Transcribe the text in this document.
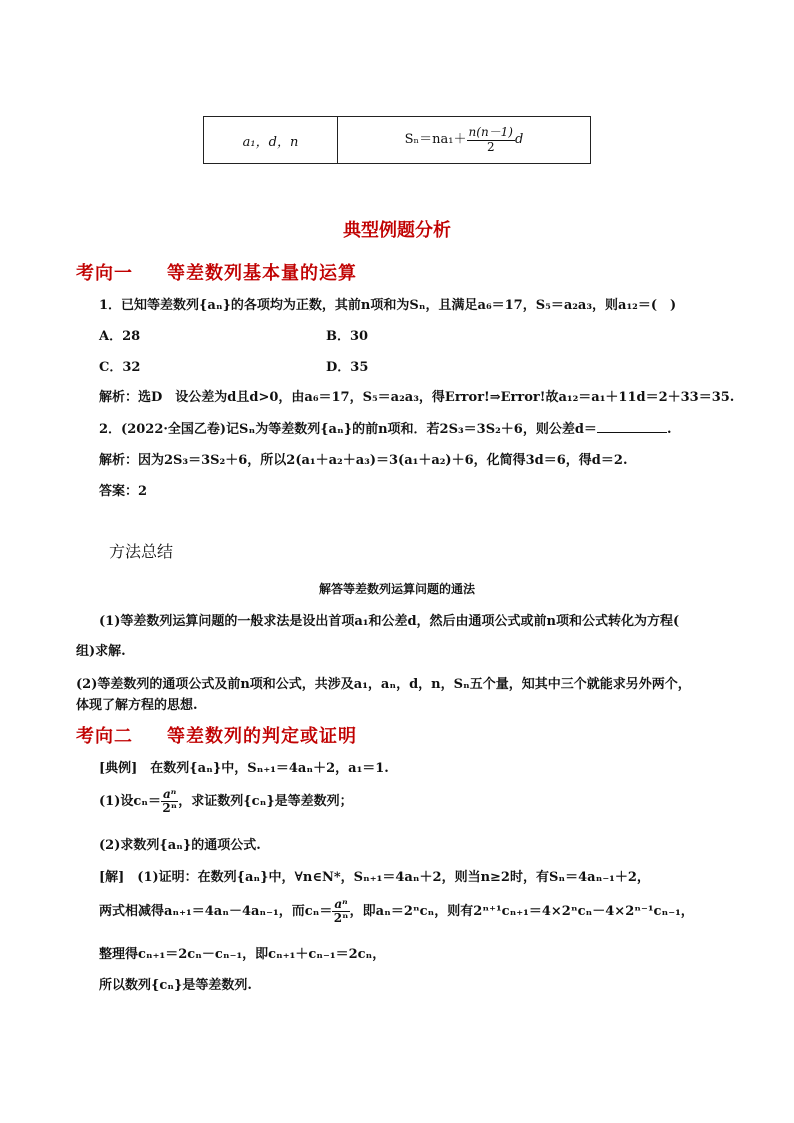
a₁，d，n	$S_n=na_1+ \frac{n(n-1)}{2}$ d
典型例题分析
考向一 等差数列基本量的运算
1．已知等差数列{aₙ}的各项均为正数，其前n项和为Sₙ，且满足a₆＝17，S₅＝a₂a₃，则a₁₂＝(　)
A．28	B．30
C．32	D．35
解析：选D　设公差为d且d>0，由a₆＝17，S₅＝a₂a₃，得Error!⇒Error!故a₁₂＝a₁＋11d＝2＋33＝35.
2．(2022·全国乙卷)记Sₙ为等差数列{aₙ}的前n项和．若2S₃＝3S₂＋6，则公差d＝	.
解析：因为2S₃＝3S₂＋6，所以2(a₁＋a₂＋a₃)＝3(a₁＋a₂)＋6，化简得3d＝6，得d＝2.
答案：2
方法总结
解答等差数列运算问题的通法
(1)等差数列运算问题的一般求法是设出首项a₁和公差d，然后由通项公式或前n项和公式转化为方程(
组)求解.
(2)等差数列的通项公式及前n项和公式，共涉及a₁，aₙ，d，n，Sₙ五个量，知其中三个就能求另外两个，
体现了解方程的思想.
考向二 等差数列的判定或证明
[典例]　在数列{aₙ}中，Sₙ₊₁＝4aₙ＋2，a₁＝1.
(1)设$c_n= \frac{\text{aⁿ}}{\text{2ⁿ}}$ ，求证数列{cₙ}是等差数列；
(2)求数列{aₙ}的通项公式.
[解]　(1)证明：在数列{aₙ}中，∀n∈N*，Sₙ₊₁＝4aₙ＋2，则当n≥2时，有Sₙ＝4aₙ₋₁＋2，
两式相减得aₙ₊₁＝4aₙ－4aₙ₋₁，而$c_n= \frac{\text{aⁿ}}{\text{2ⁿ}}$ ，即aₙ＝2ⁿcₙ，则有2ⁿ⁺¹cₙ₊₁＝4×2ⁿcₙ－4×2ⁿ⁻¹cₙ₋₁，
整理得cₙ₊₁＝2cₙ－cₙ₋₁，即cₙ₊₁＋cₙ₋₁＝2cₙ，
所以数列{cₙ}是等差数列.
